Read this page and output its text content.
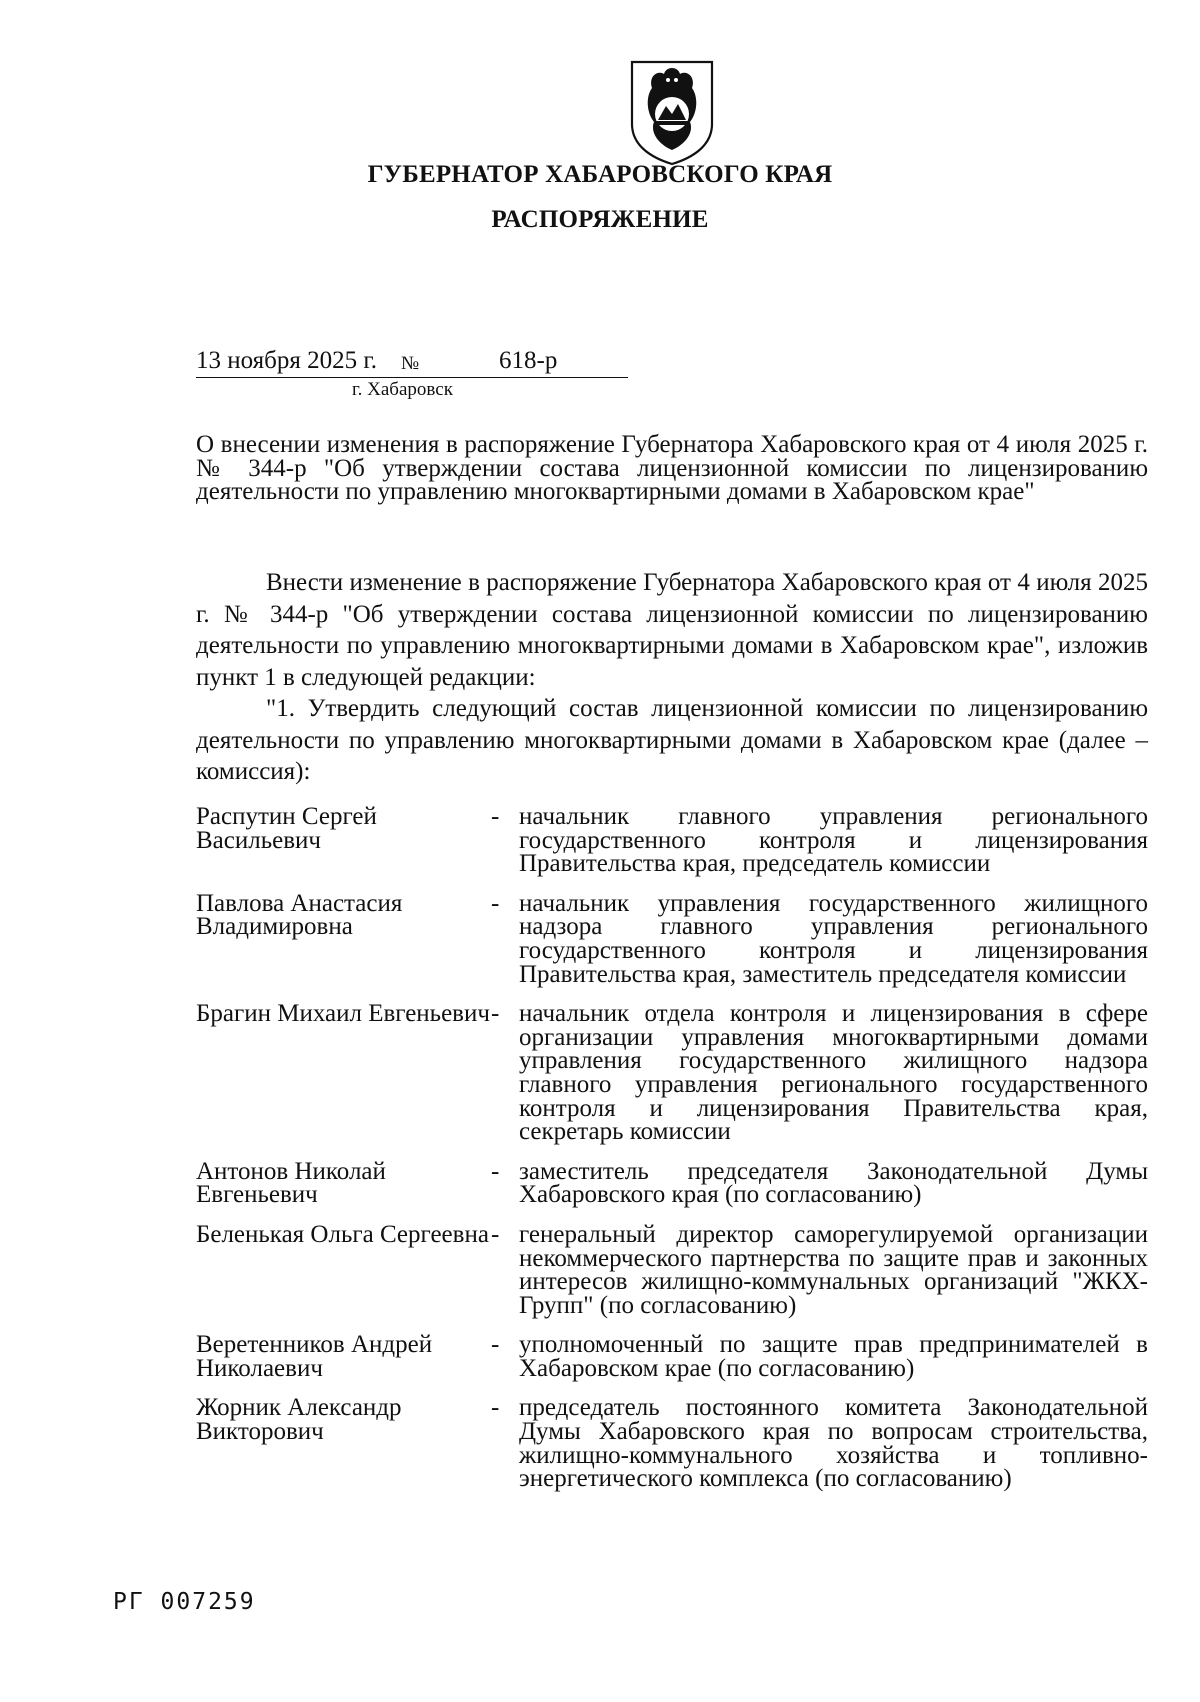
ГУБЕРНАТОР ХАБАРОВСКОГО КРАЯ
РАСПОРЯЖЕНИЕ
13 ноября 2025 г. №	618-р
г. Хабаровск
О внесении изменения в распоряжение Губернатора Хабаровского края от 4 июля 2025 г. № 344-р "Об утверждении состава лицензионной комиссии по лицензированию деятельности по управлению многоквартирными домами в Хабаровском крае"

Внести изменение в распоряжение Губернатора Хабаровского края от 4 июля 2025 г. № 344-р "Об утверждении состава лицензионной комиссии по лицензированию деятельности по управлению многоквартирными домами в Хабаровском крае", изложив пункт 1 в следующей редакции:

"1. Утвердить следующий состав лицензионной комиссии по лицензированию деятельности по управлению многоквартирными домами в Хабаровском крае (далее – комиссия):

Распутин Сергей Васильевич
- начальник главного управления регионального государственного контроля и лицензирования Правительства края, председатель комиссии
Павлова Анастасия Владимировна
- начальник управления государственного жилищного надзора главного управления регионального государственного контроля и лицензирования Правительства края, заместитель председателя комиссии
Брагин Михаил Евгеньевич - начальник отдела контроля и лицензирования в сфере организации управления многоквартирными домами управления государственного жилищного надзора главного управления регионального государственного контроля и лицензирования Правительства края, секретарь комиссии
Антонов Николай Евгеньевич
- заместитель председателя Законодательной Думы Хабаровского края (по согласованию)
Беленькая Ольга Сергеевна - генеральный директор саморегулируемой организации некоммерческого партнерства по защите прав и законных интересов жилищно-коммунальных организаций "ЖКХ-Групп" (по согласованию)
Веретенников Андрей Николаевич
- уполномоченный по защите прав предпринимателей в Хабаровском крае (по согласованию)
Жорник Александр Викторович
- председатель постоянного комитета Законодательной Думы Хабаровского края по вопросам строительства, жилищно-коммунального хозяйства и топливно-энергетического комплекса (по согласованию)
РГ 007259
